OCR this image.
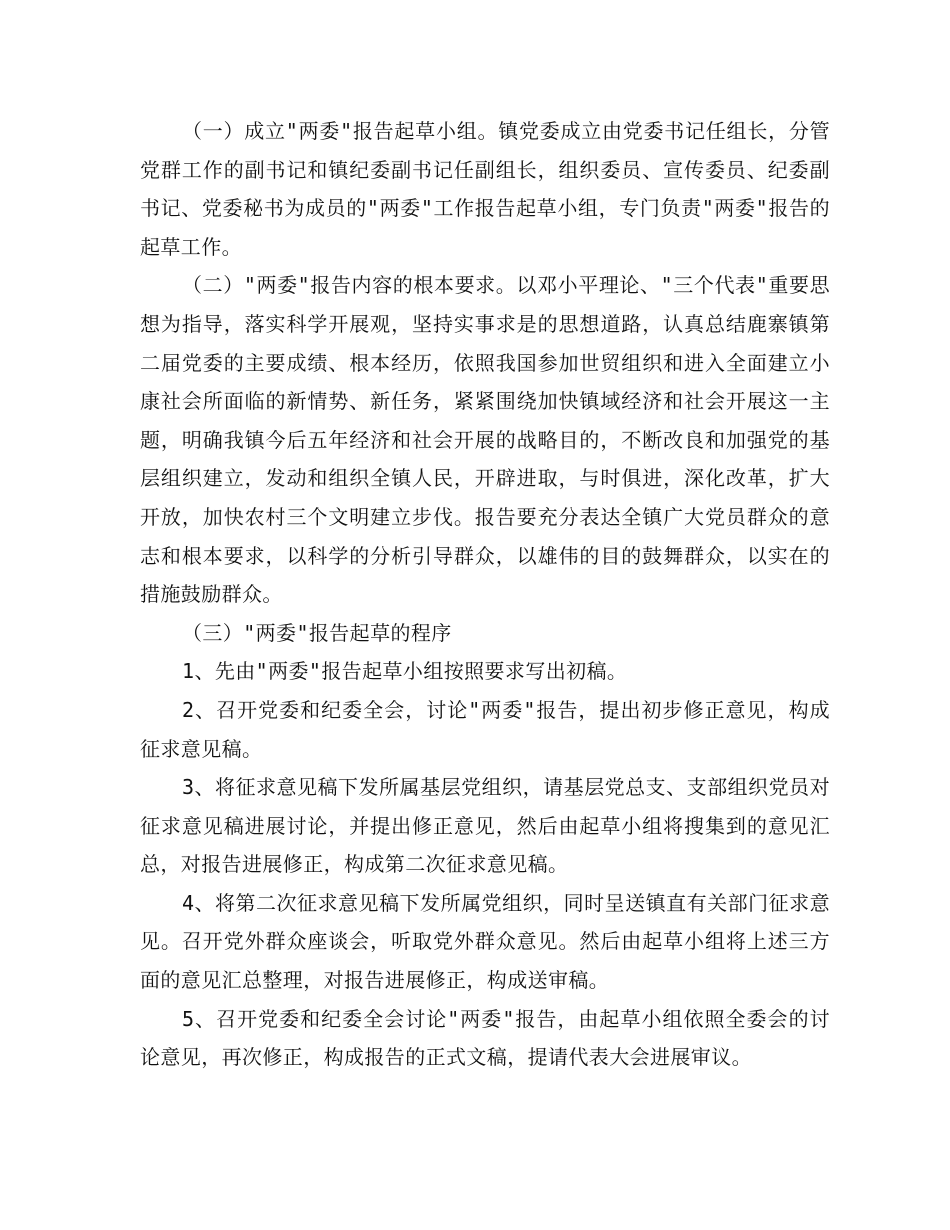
（一）成立"两委"报告起草小组。镇党委成立由党委书记任组长，分管党群工作的副书记和镇纪委副书记任副组长，组织委员、宣传委员、纪委副书记、党委秘书为成员的"两委"工作报告起草小组，专门负责"两委"报告的起草工作。

（二）"两委"报告内容的根本要求。以邓小平理论、"三个代表"重要思想为指导，落实科学开展观，坚持实事求是的思想道路，认真总结鹿寨镇第二届党委的主要成绩、根本经历，依照我国参加世贸组织和进入全面建立小康社会所面临的新情势、新任务，紧紧围绕加快镇域经济和社会开展这一主题，明确我镇今后五年经济和社会开展的战略目的，不断改良和加强党的基层组织建立，发动和组织全镇人民，开辟进取，与时俱进，深化改革，扩大开放，加快农村三个文明建立步伐。报告要充分表达全镇广大党员群众的意志和根本要求，以科学的分析引导群众，以雄伟的目的鼓舞群众，以实在的措施鼓励群众。

（三）"两委"报告起草的程序

1、先由"两委"报告起草小组按照要求写出初稿。

2、召开党委和纪委全会，讨论"两委"报告，提出初步修正意见，构成征求意见稿。

3、将征求意见稿下发所属基层党组织，请基层党总支、支部组织党员对征求意见稿进展讨论，并提出修正意见，然后由起草小组将搜集到的意见汇总，对报告进展修正，构成第二次征求意见稿。

4、将第二次征求意见稿下发所属党组织，同时呈送镇直有关部门征求意见。召开党外群众座谈会，听取党外群众意见。然后由起草小组将上述三方面的意见汇总整理，对报告进展修正，构成送审稿。

5、召开党委和纪委全会讨论"两委"报告，由起草小组依照全委会的讨论意见，再次修正，构成报告的正式文稿，提请代表大会进展审议。
